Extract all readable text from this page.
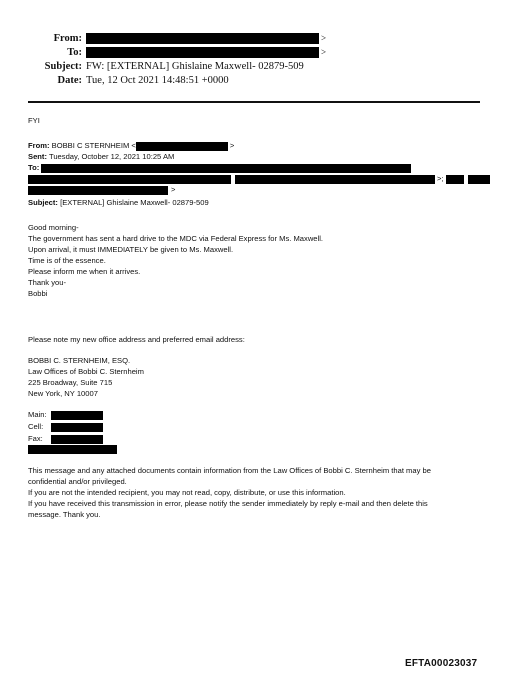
From:	>
To:	>
Subject: FW: [EXTERNAL] Ghislaine Maxwell- 02879-509
Date: Tue, 12 Oct 2021 14:48:51 +0000
FYI
From: BOBBI C STERNHEIM <	>
Sent: Tuesday, October 12, 2021 10:25 AM
To:
>;
>
Subject: [EXTERNAL] Ghislaine Maxwell- 02879-509
Good morning-
The government has sent a hard drive to the MDC via Federal Express for Ms. Maxwell.
Upon arrival, it must IMMEDIATELY be given to Ms. Maxwell.
Time is of the essence.
Please inform me when it arrives.
Thank you-
Bobbi
Please note my new office address and preferred email address:
BOBBI C. STERNHEIM, ESQ.
Law Offices of Bobbi C. Sternheim
225 Broadway, Suite 715
New York, NY 10007
Main:
Cell:
Fax:
This message and any attached documents contain information from the Law Offices of Bobbi C. Sternheim that may be
confidential and/or privileged.
If you are not the intended recipient, you may not read, copy, distribute, or use this information.
If you have received this transmission in error, please notify the sender immediately by reply e-mail and then delete this
message. Thank you.
EFTA00023037
